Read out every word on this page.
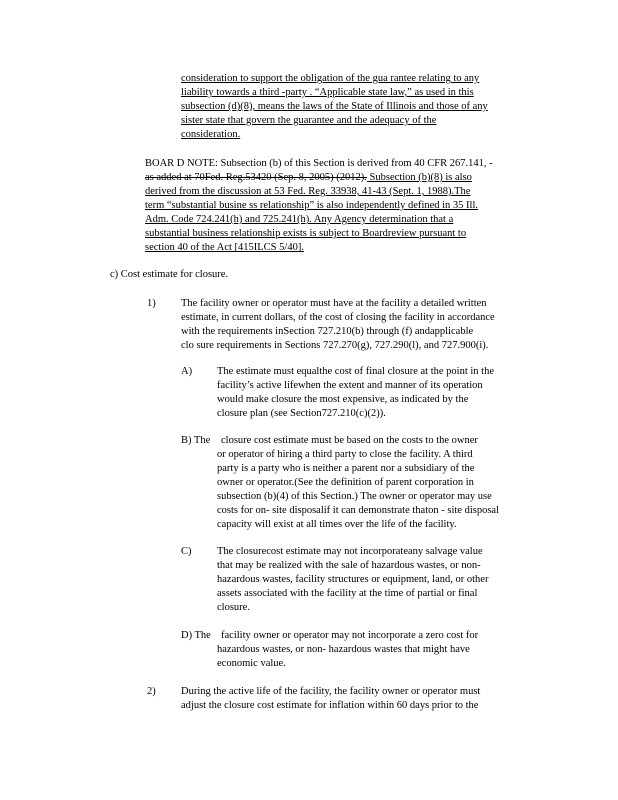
consideration to support the obligation of the gua rantee relating to any
liability towards a third -party . “Applicable state law,” as used in this
subsection (d)(8), means the laws of the State of Illinois and those of any
sister state that govern the guarantee and the adequacy of the
consideration.
BOAR D NOTE: Subsection (b) of this Section is derived from 40 CFR 267.141, -
as added at 70Fed. Reg.53420 (Sep. 8, 2005) (2012). Subsection (b)(8) is also
derived from the discussion at 53 Fed. Reg. 33938, 41-43 (Sept. 1, 1988).The
term “substantial busine ss relationship” is also independently defined in 35 Ill.
Adm. Code 724.241(h) and 725.241(h). Any Agency determination that a
substantial business relationship exists is subject to Boardreview pursuant to
section 40 of the Act [415ILCS 5/40].
c) Cost estimate for closure.
1) The facility owner or operator must have at the facility a detailed written
estimate, in current dollars, of the cost of closing the facility in accordance
with the requirements inSection 727.210(b) through (f) andapplicable
clo sure requirements in Sections 727.270(g), 727.290(l), and 727.900(i).
A) The estimate must equalthe cost of final closure at the point in the
facility’s active lifewhen the extent and manner of its operation
would make closure the most expensive, as indicated by the
closure plan (see Section727.210(c)(2)).
B) The closure cost estimate must be based on the costs to the owner
or operator of hiring a third party to close the facility. A third
party is a party who is neither a parent nor a subsidiary of the
owner or operator.(See the definition of parent corporation in
subsection (b)(4) of this Section.) The owner or operator may use
costs for on- site disposalif it can demonstrate thaton - site disposal
capacity will exist at all times over the life of the facility.
C) The closurecost estimate may not incorporateany salvage value
that may be realized with the sale of hazardous wastes, or non-
hazardous wastes, facility structures or equipment, land, or other
assets associated with the facility at the time of partial or final
closure.
D) The facility owner or operator may not incorporate a zero cost for
hazardous wastes, or non- hazardous wastes that might have
economic value.
2) During the active life of the facility, the facility owner or operator must
adjust the closure cost estimate for inflation within 60 days prior to the
